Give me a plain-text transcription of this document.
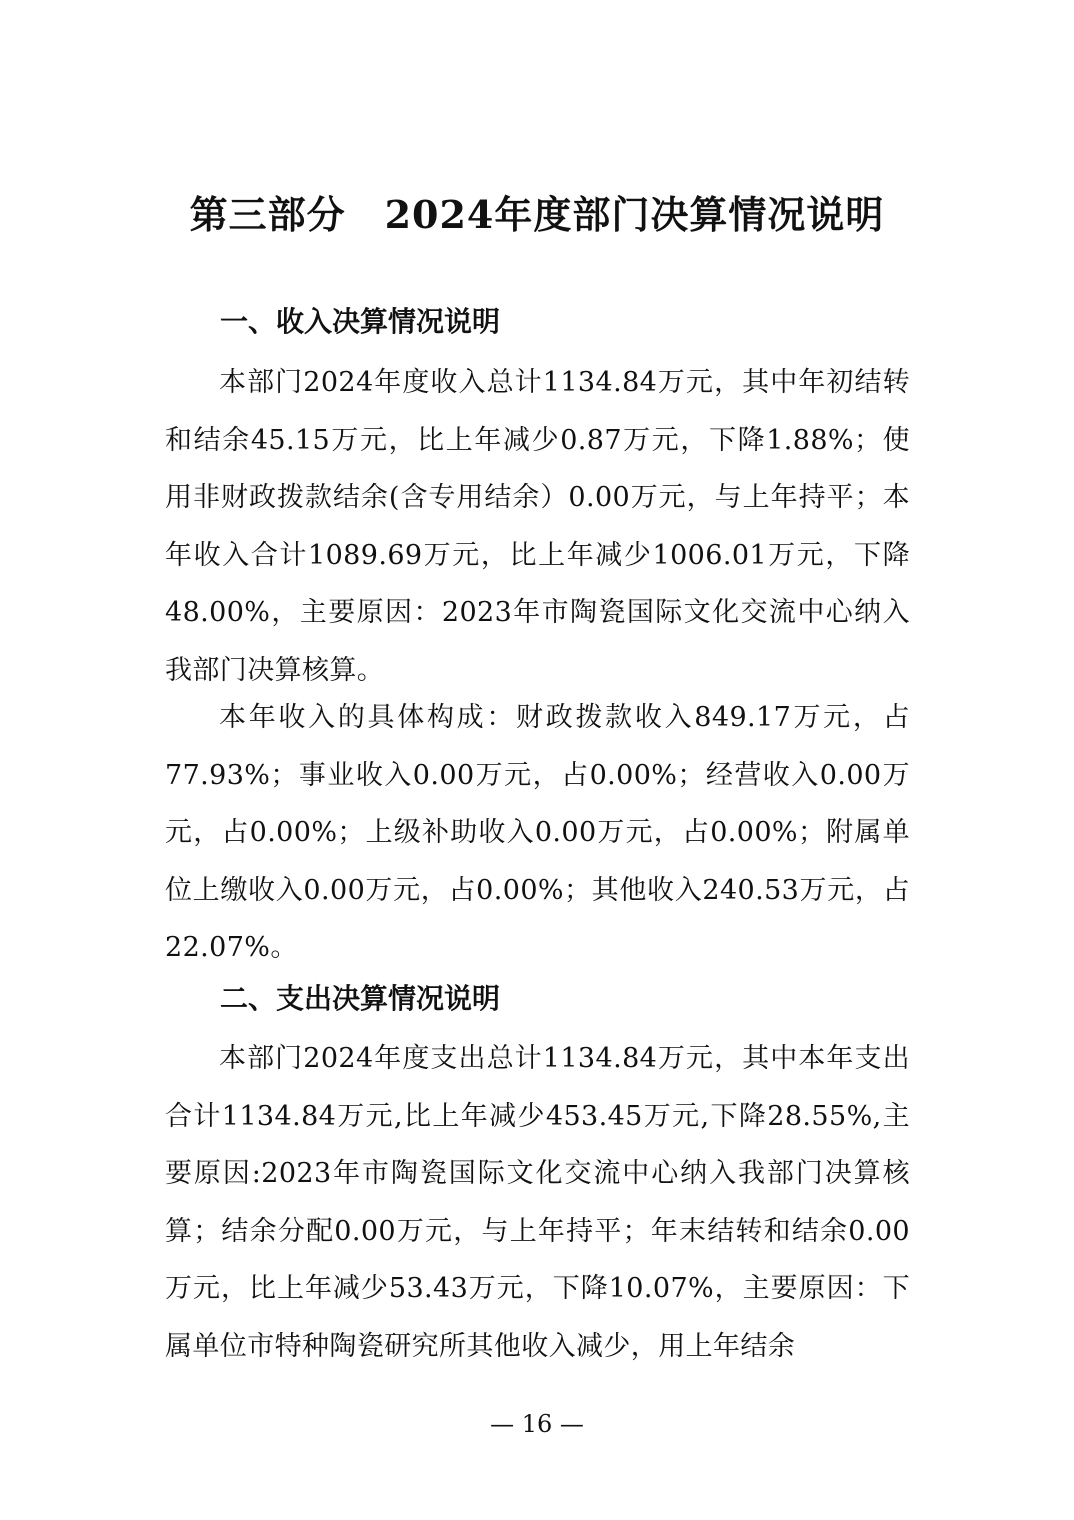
第三部分　2024年度部门决算情况说明
一、收入决算情况说明

本部门2024年度收入总计1134.84万元，其中年初结转和结余45.15万元，比上年减少0.87万元，下降1.88%；使用非财政拨款结余(含专用结余）0.00万元，与上年持平；本年收入合计1089.69万元，比上年减少1006.01万元，下降48.00%，主要原因：2023年市陶瓷国际文化交流中心纳入我部门决算核算。

本年收入的具体构成：财政拨款收入849.17万元，占77.93%；事业收入0.00万元，占0.00%；经营收入0.00万元，占0.00%；上级补助收入0.00万元，占0.00%；附属单位上缴收入0.00万元，占0.00%；其他收入240.53万元，占22.07%。

二、支出决算情况说明

本部门2024年度支出总计1134.84万元，其中本年支出合计1134.84万元,比上年减少453.45万元,下降28.55%,主要原因:2023年市陶瓷国际文化交流中心纳入我部门决算核算；结余分配0.00万元，与上年持平；年末结转和结余0.00万元，比上年减少53.43万元，下降10.07%，主要原因：下属单位市特种陶瓷研究所其他收入减少，用上年结余

— 16 —
